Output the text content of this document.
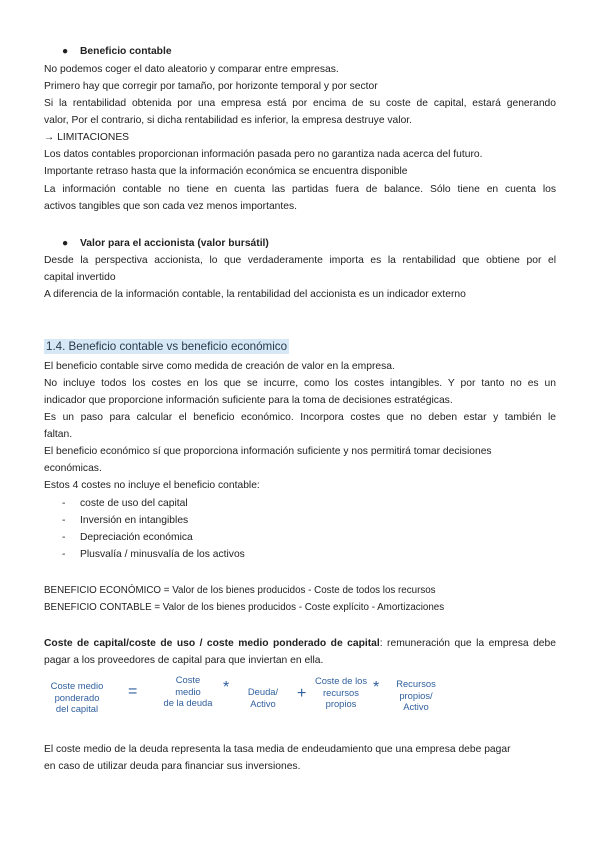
● Beneficio contable
No podemos coger el dato aleatorio y comparar entre empresas.
Primero hay que corregir por tamaño, por horizonte temporal y por sector
Si la rentabilidad obtenida por una empresa está por encima de su coste de capital, estará generando
valor, Por el contrario, si dicha rentabilidad es inferior, la empresa destruye valor.
→ LIMITACIONES
Los datos contables proporcionan información pasada pero no garantiza nada acerca del futuro.
Importante retraso hasta que la información económica se encuentra disponible
La información contable no tiene en cuenta las partidas fuera de balance. Sólo tiene en cuenta los
activos tangibles que son cada vez menos importantes.
● Valor para el accionista (valor bursátil)
Desde la perspectiva accionista, lo que verdaderamente importa es la rentabilidad que obtiene por el
capital invertido
A diferencia de la información contable, la rentabilidad del accionista es un indicador externo
1.4. Beneficio contable vs beneficio económico
El beneficio contable sirve como medida de creación de valor en la empresa.
No incluye todos los costes en los que se incurre, como los costes intangibles. Y por tanto no es un
indicador que proporcione información suficiente para la toma de decisiones estratégicas.
Es un paso para calcular el beneficio económico. Incorpora costes que no deben estar y también le
faltan.
El beneficio económico sí que proporciona información suficiente y nos permitirá tomar decisiones
económicas.
Estos 4 costes no incluye el beneficio contable:
- coste de uso del capital
- Inversión en intangibles
- Depreciación económica
- Plusvalía / minusvalía de los activos
BENEFICIO ECONÓMICO = Valor de los bienes producidos - Coste de todos los recursos
BENEFICIO CONTABLE = Valor de los bienes producidos - Coste explícito - Amortizaciones
Coste de capital/coste de uso / coste medio ponderado de capital: remuneración que la empresa debe
pagar a los proveedores de capital para que inviertan en ella.
El coste medio de la deuda representa la tasa media de endeudamiento que una empresa debe pagar
en caso de utilizar deuda para financiar sus inversiones.
Coste medio
ponderado
del capital
=
Coste
medio
de la deuda
*	Deuda/
Activo
+
Coste de los
recursos
propios
*	Recursos
propios/
Activo
